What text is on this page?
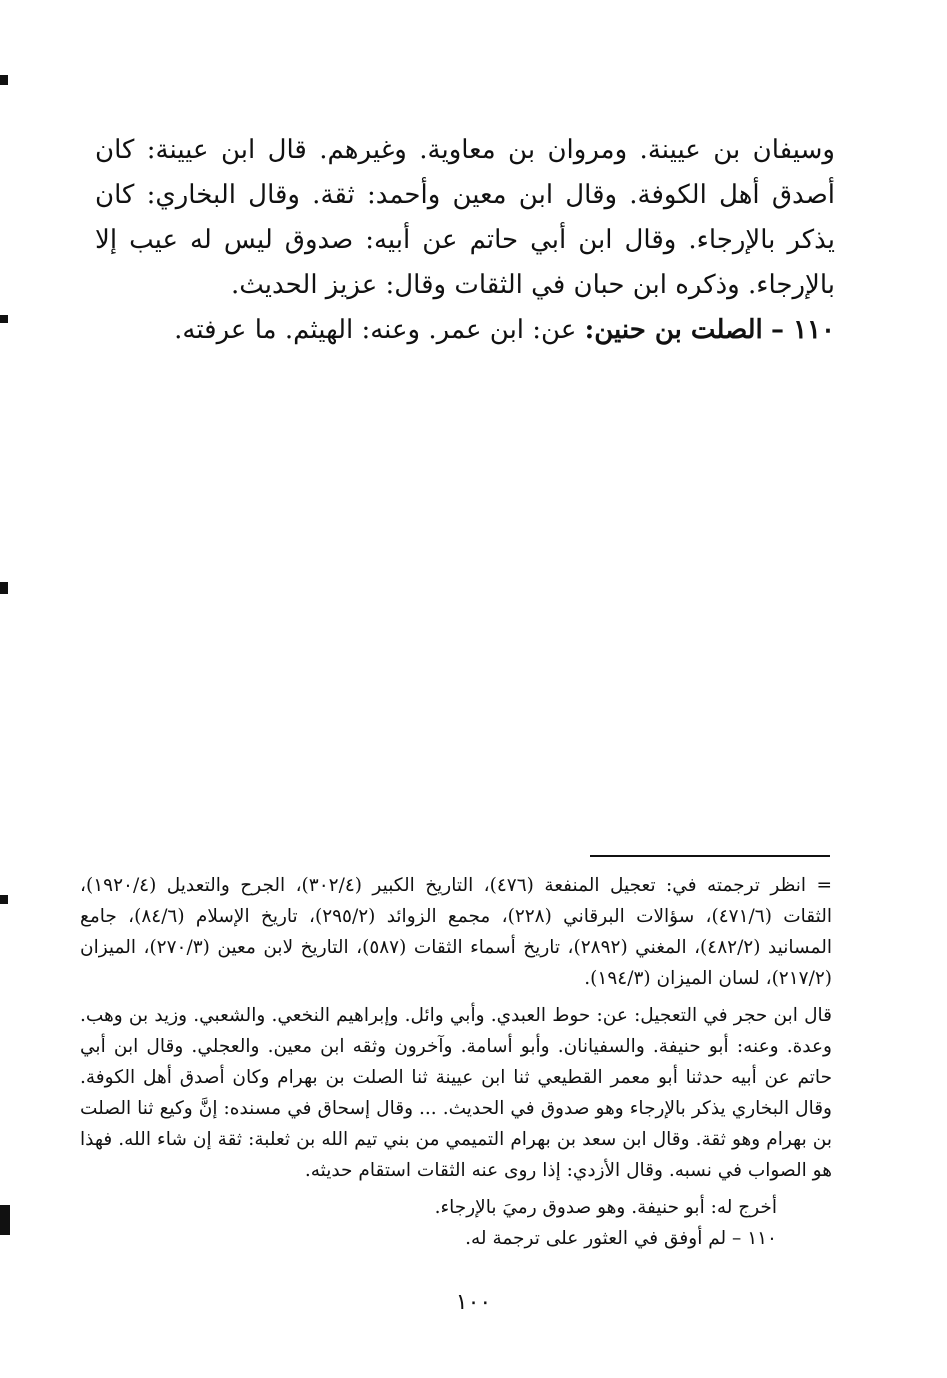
وسيفان بن عيينة. ومروان بن معاوية. وغيرهم. قال ابن عيينة: كان أصدق أهل الكوفة. وقال ابن معين وأحمد: ثقة. وقال البخاري: كان يذكر بالإرجاء. وقال ابن أبي حاتم عن أبيه: صدوق ليس له عيب إلا بالإرجاء. وذكره ابن حبان في الثقات وقال: عزيز الحديث.

١١٠ – الصلت بن حنين: عن: ابن عمر. وعنه: الهيثم. ما عرفته.

= انظر ترجمته في: تعجيل المنفعة (٤٧٦)، التاريخ الكبير (٣٠٢/٤)، الجرح والتعديل (١٩٢٠/٤)، الثقات (٤٧١/٦)، سؤالات البرقاني (٢٢٨)، مجمع الزوائد (٢٩٥/٢)، تاريخ الإسلام (٨٤/٦)، جامع المسانيد (٤٨٢/٢)، المغني (٢٨٩٢)، تاريخ أسماء الثقات (٥٨٧)، التاريخ لابن معين (٢٧٠/٣)، الميزان (٢١٧/٢)، لسان الميزان (١٩٤/٣).

قال ابن حجر في التعجيل: عن: حوط العبدي. وأبي وائل. وإبراهيم النخعي. والشعبي. وزيد بن وهب. وعدة. وعنه: أبو حنيفة. والسفيانان. وأبو أسامة. وآخرون وثقه ابن معين. والعجلي. وقال ابن أبي حاتم عن أبيه حدثنا أبو معمر القطيعي ثنا ابن عيينة ثنا الصلت بن بهرام وكان أصدق أهل الكوفة. وقال البخاري يذكر بالإرجاء وهو صدوق في الحديث. ... وقال إسحاق في مسنده: إنَّ وكيع ثنا الصلت بن بهرام وهو ثقة. وقال ابن سعد بن بهرام التميمي من بني تيم الله بن ثعلبة: ثقة إن شاء الله. فهذا هو الصواب في نسبه. وقال الأزدي: إذا روى عنه الثقات استقام حديثه.

أخرج له: أبو حنيفة. وهو صدوق رميَ بالإرجاء.

١١٠ – لم أوفق في العثور على ترجمة له.

١٠٠
